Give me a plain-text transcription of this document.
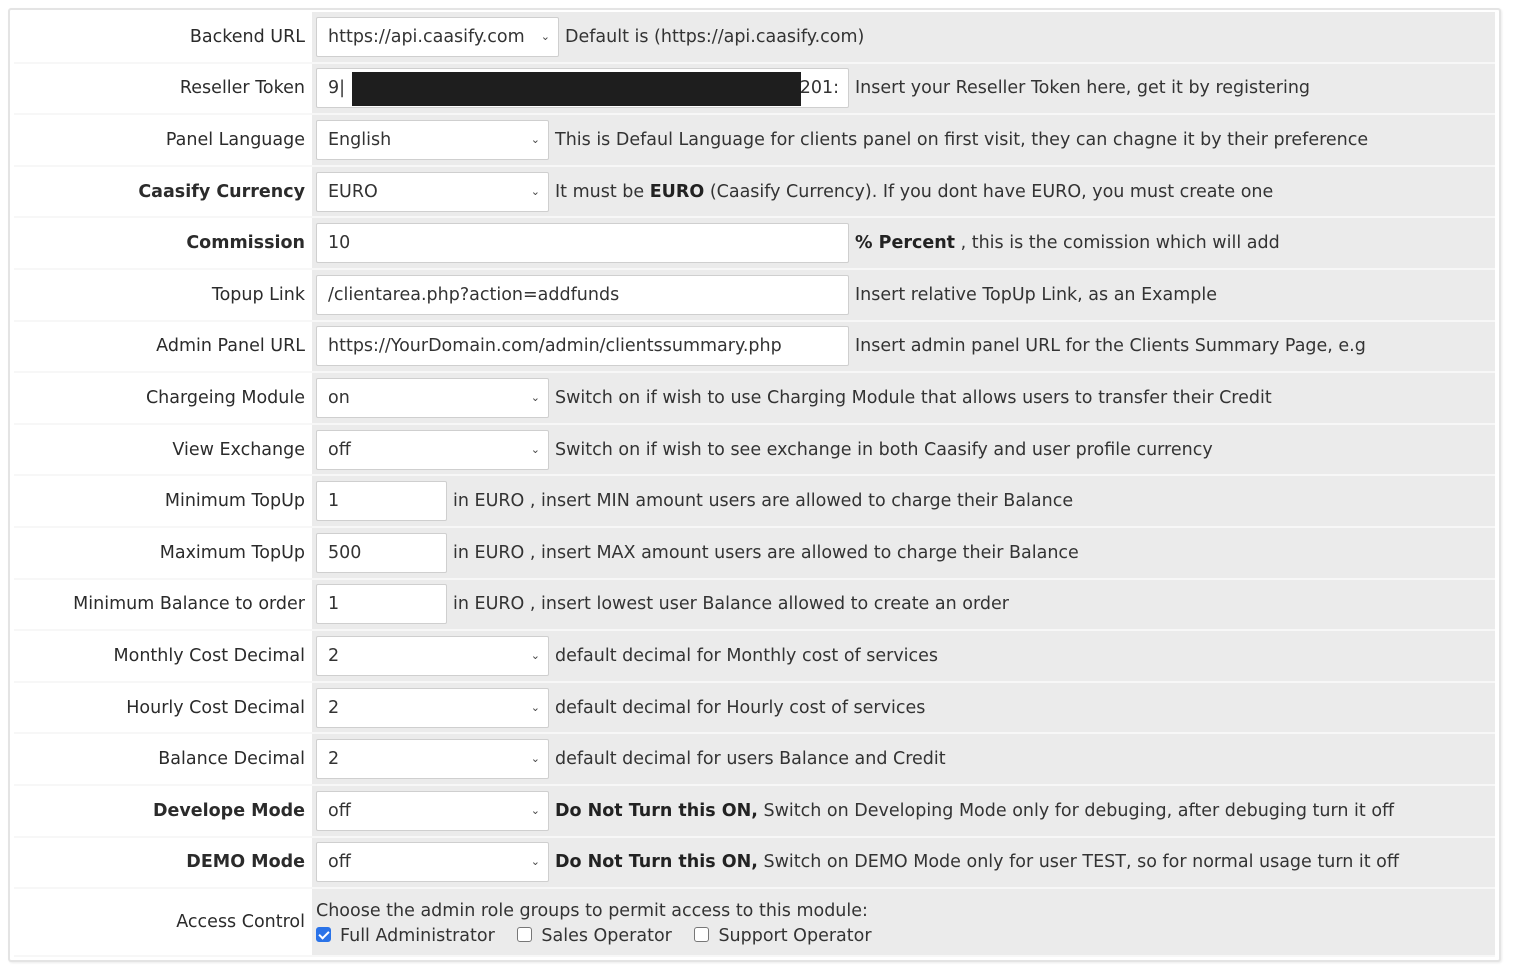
Backend URL	https://api.caasify.com ⌄ Default is (https://api.caasify.com)
Reseller Token	9| 201: Insert your Reseller Token here, get it by registering
Panel Language	English ⌄ This is Defaul Language for clients panel on first visit, they can chagne it by their preference
Caasify Currency	EURO ⌄ It must be EURO (Caasify Currency). If you dont have EURO, you must create one
Commission	10 % Percent , this is the comission which will add
Topup Link	/clientarea.php?action=addfunds Insert relative TopUp Link, as an Example
Admin Panel URL	https://YourDomain.com/admin/clientssummary.php Insert admin panel URL for the Clients Summary Page, e.g
Chargeing Module	on ⌄ Switch on if wish to use Charging Module that allows users to transfer their Credit
View Exchange	off ⌄ Switch on if wish to see exchange in both Caasify and user profile currency
Minimum TopUp	1 in EURO , insert MIN amount users are allowed to charge their Balance
Maximum TopUp	500 in EURO , insert MAX amount users are allowed to charge their Balance
Minimum Balance to order	1 in EURO , insert lowest user Balance allowed to create an order
Monthly Cost Decimal	2 ⌄ default decimal for Monthly cost of services
Hourly Cost Decimal	2 ⌄ default decimal for Hourly cost of services
Balance Decimal	2 ⌄ default decimal for users Balance and Credit
Develope Mode	off ⌄ Do Not Turn this ON, Switch on Developing Mode only for debuging, after debuging turn it off
DEMO Mode	off ⌄ Do Not Turn this ON, Switch on DEMO Mode only for user TEST, so for normal usage turn it off
Access Control	Choose the admin role groups to permit access to this module:
Full Administrator Sales Operator Support Operator
